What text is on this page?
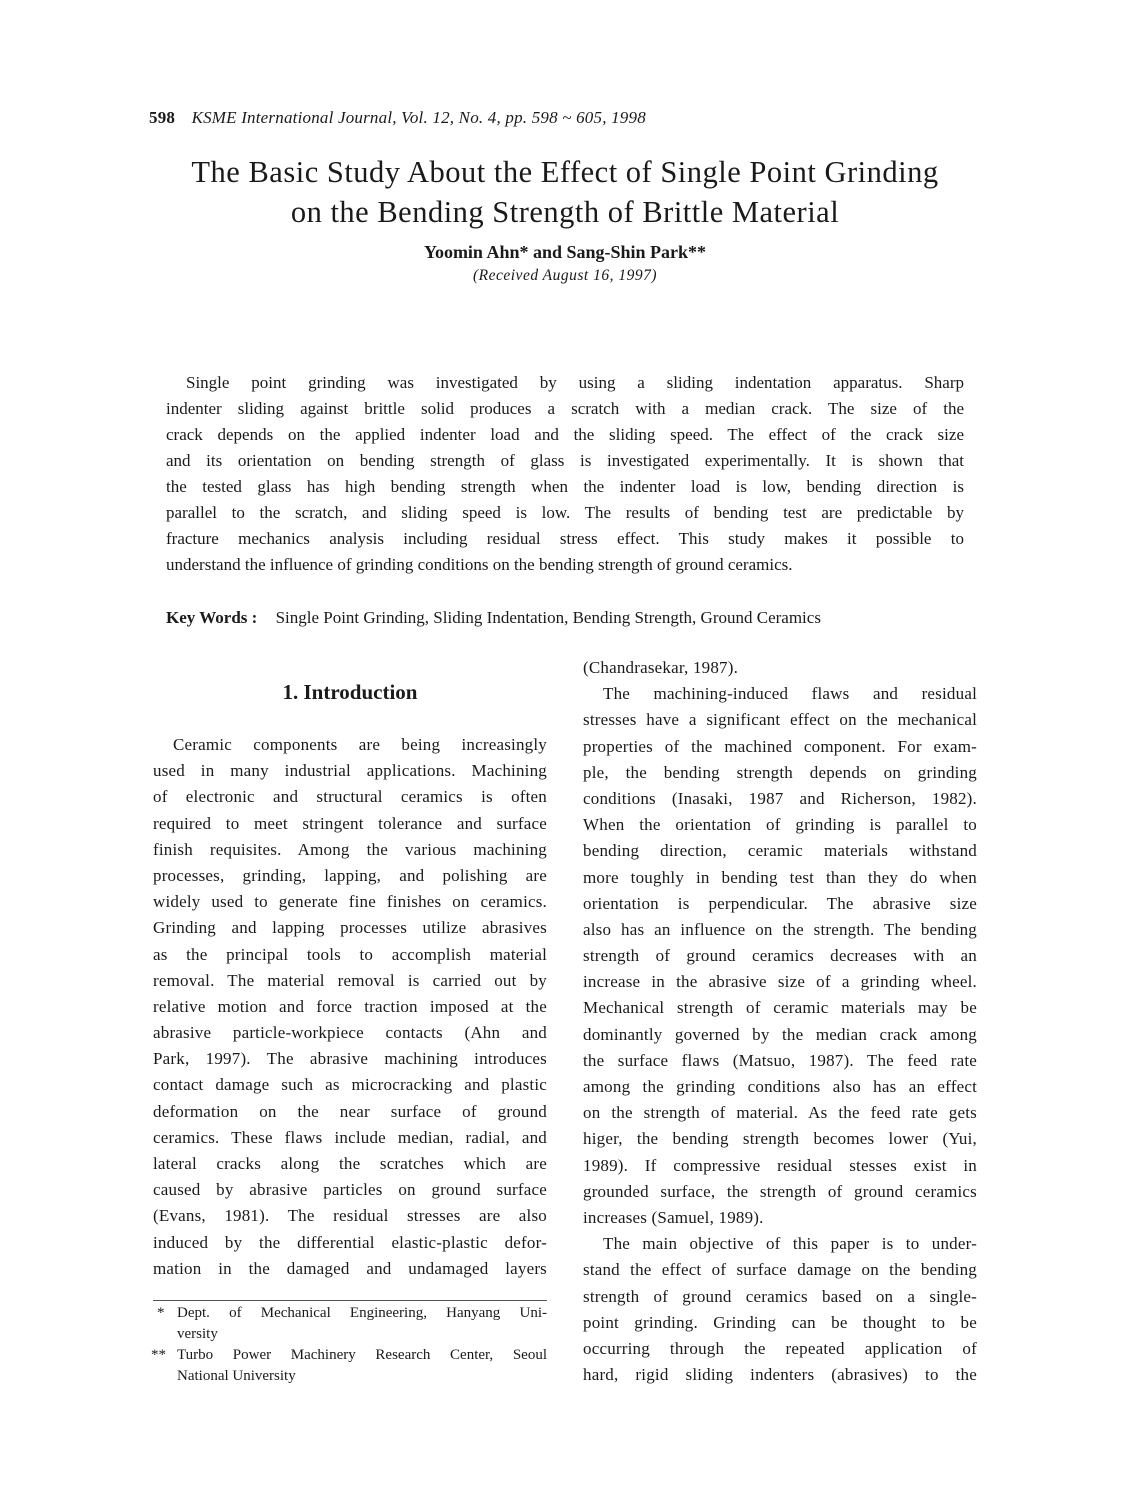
598 KSME International Journal, Vol. 12, No. 4, pp. 598 ~ 605, 1998
The Basic Study About the Effect of Single Point Grinding
on the Bending Strength of Brittle Material
Yoomin Ahn* and Sang-Shin Park**
(Received August 16, 1997)
Single point grinding was investigated by using a sliding indentation apparatus. Sharp
indenter sliding against brittle solid produces a scratch with a median crack. The size of the
crack depends on the applied indenter load and the sliding speed. The effect of the crack size
and its orientation on bending strength of glass is investigated experimentally. It is shown that
the tested glass has high bending strength when the indenter load is low, bending direction is
parallel to the scratch, and sliding speed is low. The results of bending test are predictable by
fracture mechanics analysis including residual stress effect. This study makes it possible to
understand the influence of grinding conditions on the bending strength of ground ceramics.
Key Words : Single Point Grinding, Sliding Indentation, Bending Strength, Ground Ceramics
1. Introduction
Ceramic components are being increasingly
used in many industrial applications. Machining
of electronic and structural ceramics is often
required to meet stringent tolerance and surface
finish requisites. Among the various machining
processes, grinding, lapping, and polishing are
widely used to generate fine finishes on ceramics.
Grinding and lapping processes utilize abrasives
as the principal tools to accomplish material
removal. The material removal is carried out by
relative motion and force traction imposed at the
abrasive particle-workpiece contacts (Ahn and
Park, 1997). The abrasive machining introduces
contact damage such as microcracking and plastic
deformation on the near surface of ground
ceramics. These flaws include median, radial, and
lateral cracks along the scratches which are
caused by abrasive particles on ground surface
(Evans, 1981). The residual stresses are also
induced by the differential elastic-plastic defor-
mation in the damaged and undamaged layers
* Dept. of Mechanical Engineering, Hanyang Uni-
versity
** Turbo Power Machinery Research Center, Seoul
National University
(Chandrasekar, 1987).
The machining-induced flaws and residual
stresses have a significant effect on the mechanical
properties of the machined component. For exam-
ple, the bending strength depends on grinding
conditions (Inasaki, 1987 and Richerson, 1982).
When the orientation of grinding is parallel to
bending direction, ceramic materials withstand
more toughly in bending test than they do when
orientation is perpendicular. The abrasive size
also has an influence on the strength. The bending
strength of ground ceramics decreases with an
increase in the abrasive size of a grinding wheel.
Mechanical strength of ceramic materials may be
dominantly governed by the median crack among
the surface flaws (Matsuo, 1987). The feed rate
among the grinding conditions also has an effect
on the strength of material. As the feed rate gets
higer, the bending strength becomes lower (Yui,
1989). If compressive residual stesses exist in
grounded surface, the strength of ground ceramics
increases (Samuel, 1989).
The main objective of this paper is to under-
stand the effect of surface damage on the bending
strength of ground ceramics based on a single-
point grinding. Grinding can be thought to be
occurring through the repeated application of
hard, rigid sliding indenters (abrasives) to the
